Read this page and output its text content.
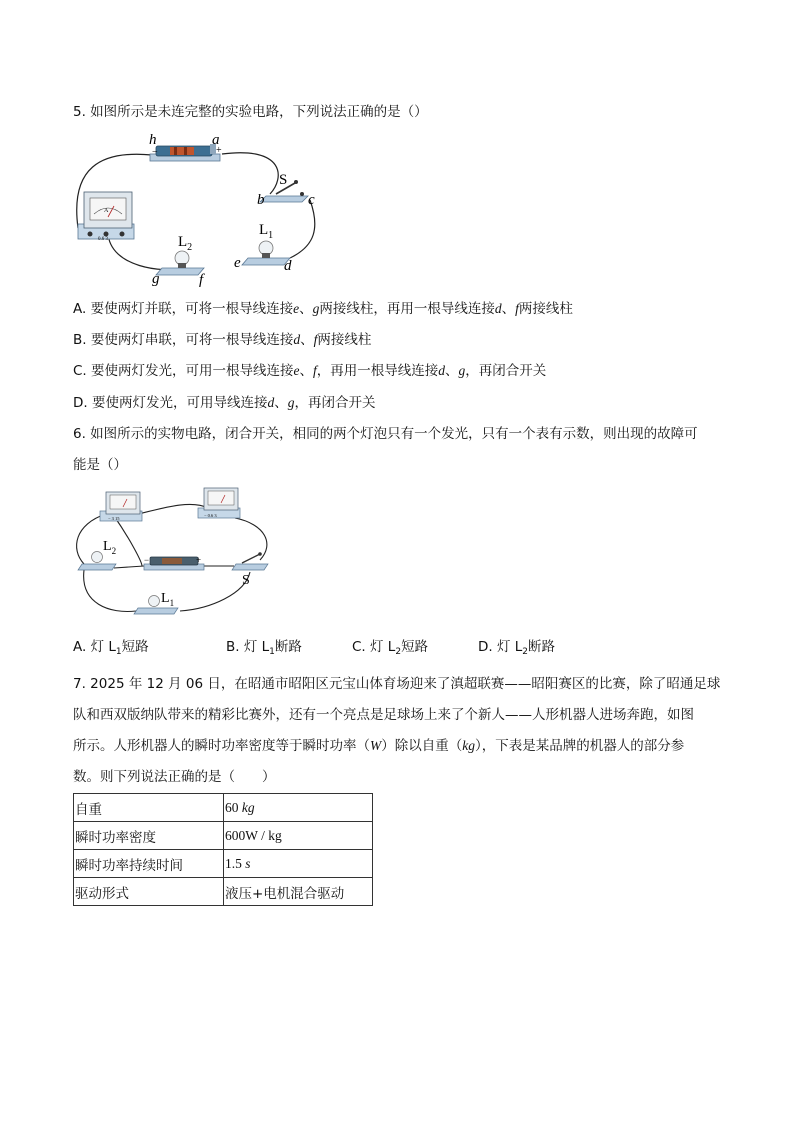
5. 如图所示是未连完整的实验电路，下列说法正确的是（）
h	a
−	+
A
0.6 3
S
b	c
$L_2$
g	f
$L_1$
e	d
A. 要使两灯并联，可将一根导线连接e、g两接线柱，再用一根导线连接d、f两接线柱
B. 要使两灯串联，可将一根导线连接d、f两接线柱
C. 要使两灯发光，可用一根导线连接e、f，再用一根导线连接d、g，再闭合开关
D. 要使两灯发光，可用导线连接d、g，再闭合开关
6. 如图所示的实物电路，闭合开关，相同的两个灯泡只有一个发光，只有一个表有示数，则出现的故障可
能是（）
− 3 15
− 0.6 3
$L_2$
−	+
S
$L_1$
A. 灯 $L_1$短路	B. 灯 $L_1$断路	C. 灯 $L_2$短路	D. 灯 $L_2$断路
7. 2025 年 12 月 06 日，在昭通市昭阳区元宝山体育场迎来了滇超联赛——昭阳赛区的比赛，除了昭通足球
队和西双版纳队带来的精彩比赛外，还有一个亮点是足球场上来了个新人——人形机器人进场奔跑，如图
所示。人形机器人的瞬时功率密度等于瞬时功率（W）除以自重（kg），下表是某品牌的机器人的部分参
数。则下列说法正确的是（　　）
自重	60 kg
瞬时功率密度	600W / kg
瞬时功率持续时间	1.5 s
驱动形式	液压+电机混合驱动
